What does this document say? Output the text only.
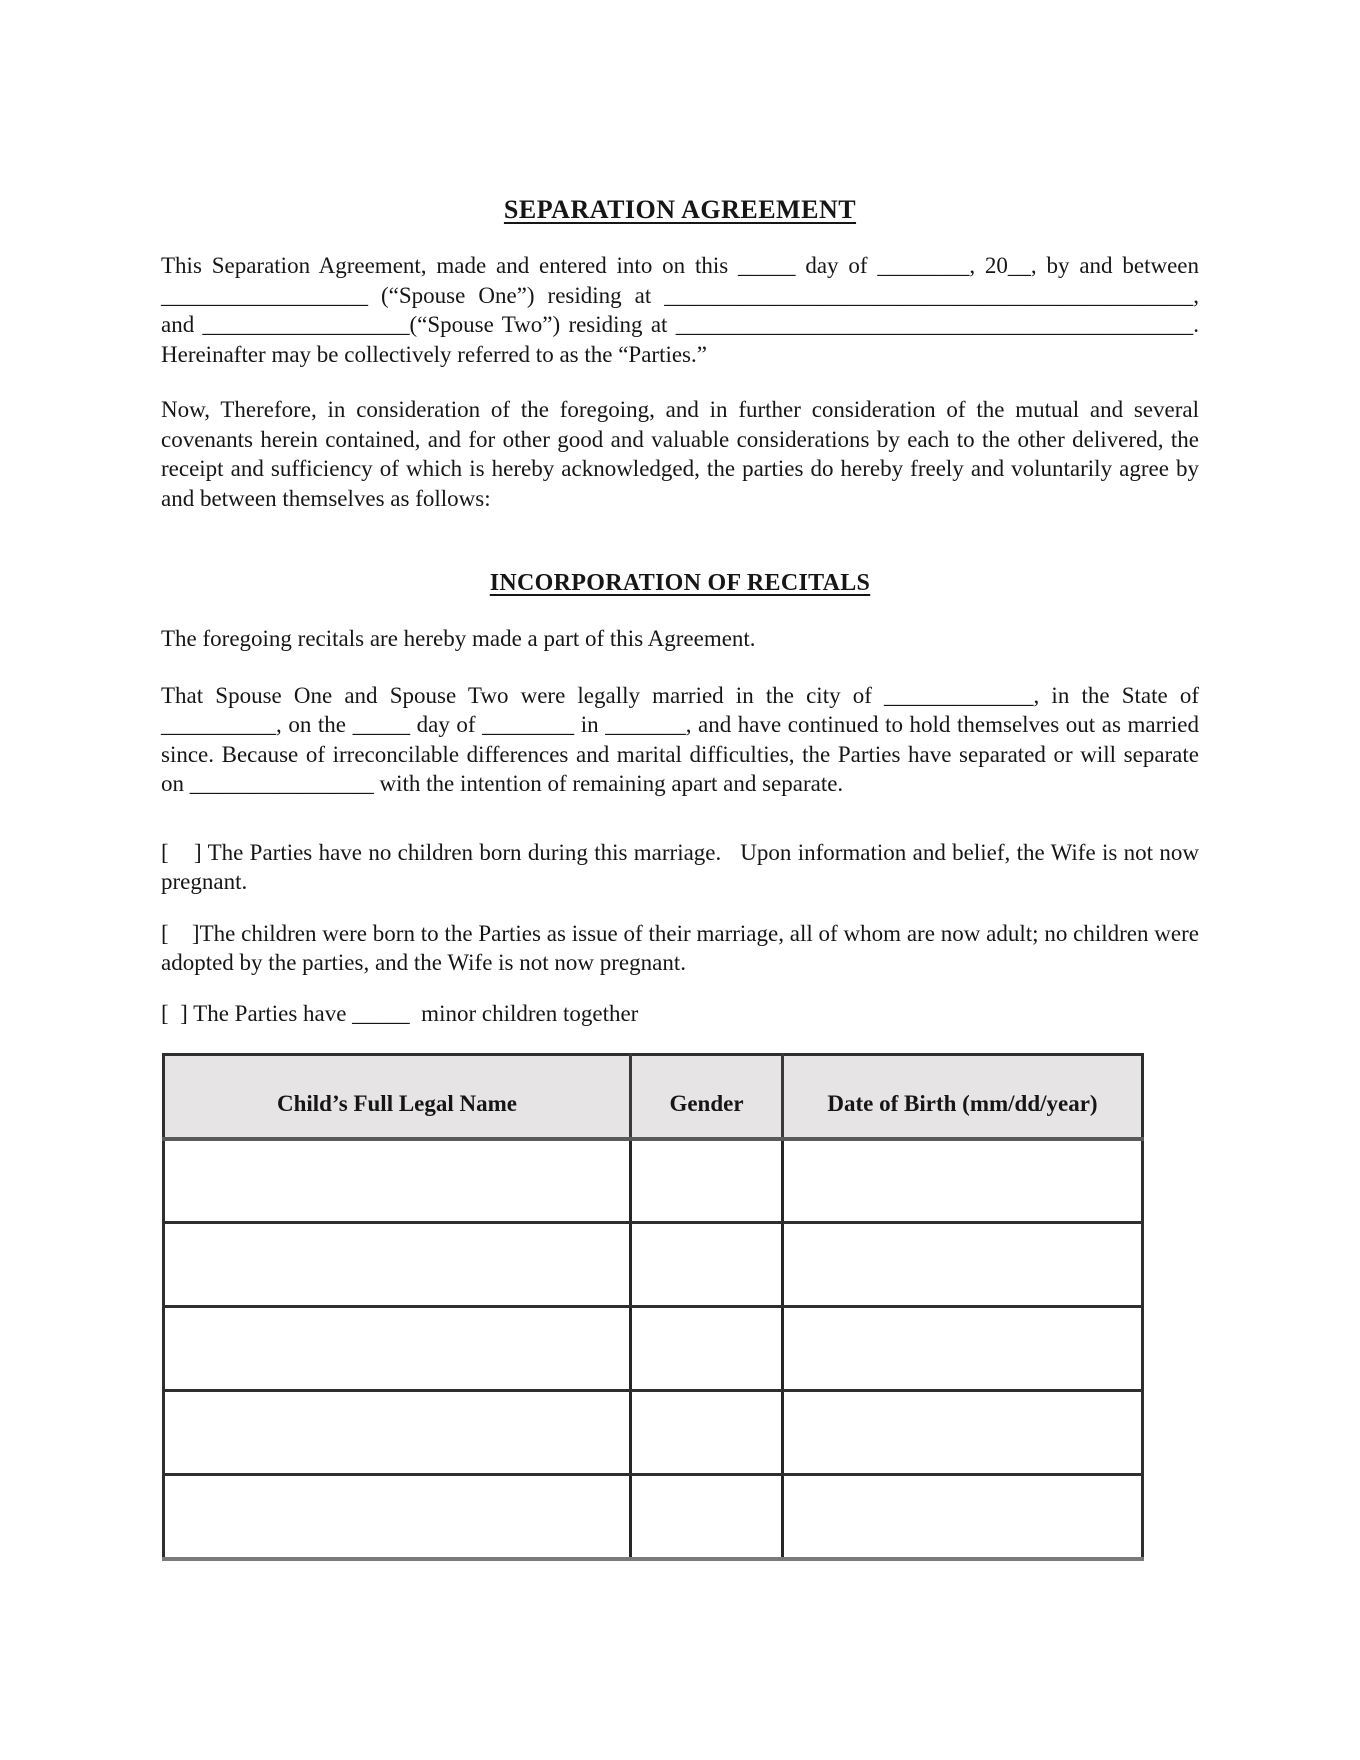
SEPARATION AGREEMENT

This Separation Agreement, made and entered into on this _____ day of ________, 20__, by and between __________________ (“Spouse One”) residing at ______________________________________________, and __________________(“Spouse Two”) residing at _____________________________________________. Hereinafter may be collectively referred to as the “Parties.”

Now, Therefore, in consideration of the foregoing, and in further consideration of the mutual and several covenants herein contained, and for other good and valuable considerations by each to the other delivered, the receipt and sufficiency of which is hereby acknowledged, the parties do hereby freely and voluntarily agree by and between themselves as follows:

INCORPORATION OF RECITALS

The foregoing recitals are hereby made a part of this Agreement.

That Spouse One and Spouse Two were legally married in the city of _____________, in the State of __________, on the _____ day of ________ in _______, and have continued to hold themselves out as married since. Because of irreconcilable differences and marital difficulties, the Parties have separated or will separate on ________________ with the intention of remaining apart and separate.

[    ] The Parties have no children born during this marriage.   Upon information and belief, the Wife is not now pregnant.

[    ]The children were born to the Parties as issue of their marriage, all of whom are now adult; no children were adopted by the parties, and the Wife is not now pregnant.

[  ] The Parties have _____  minor children together

Child’s Full Legal Name	Gender	Date of Birth (mm/dd/year)
